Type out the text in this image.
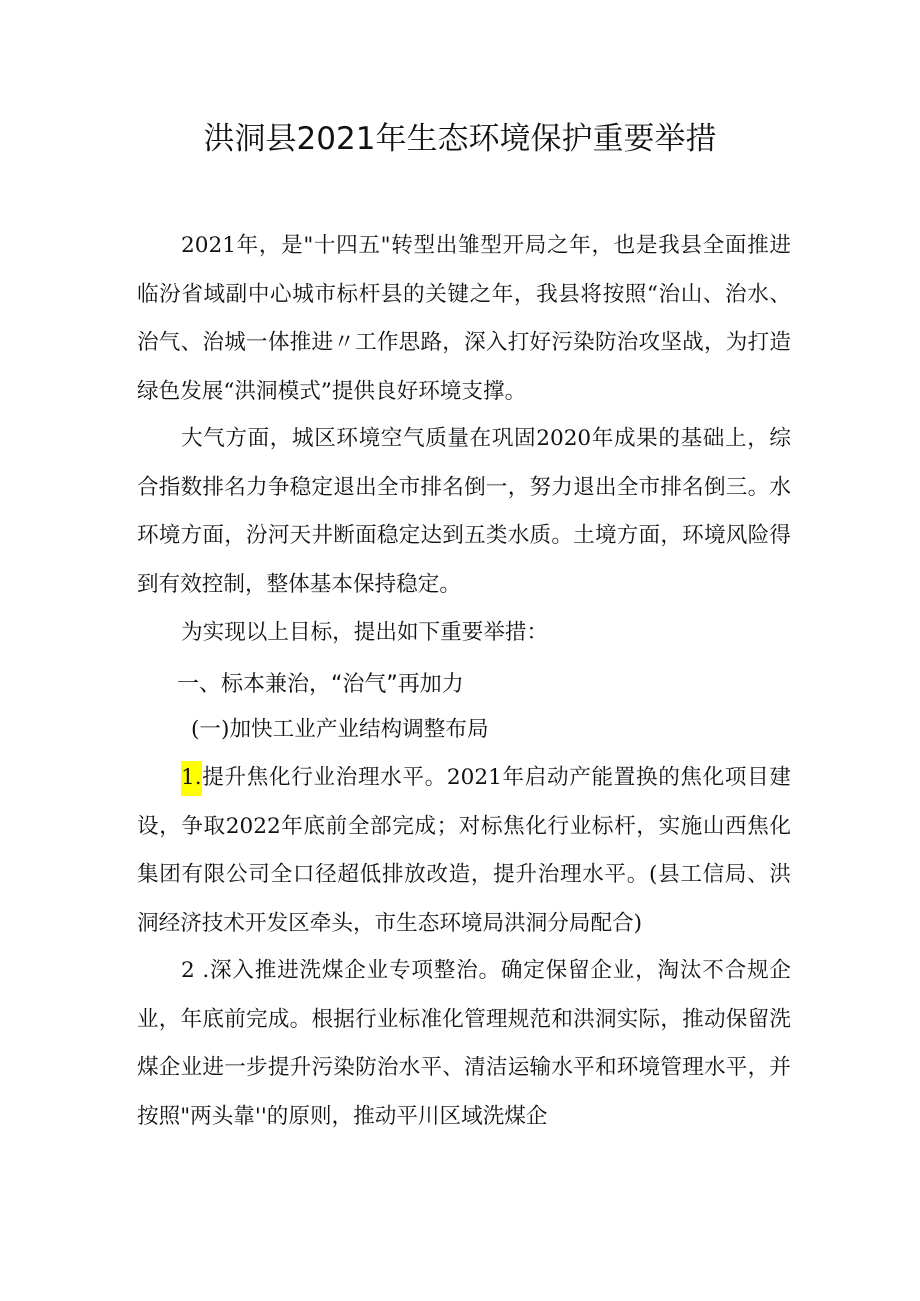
洪洞县2021年生态环境保护重要举措

2021年，是"十四五"转型出雏型开局之年，也是我县全面推进临汾省域副中心城市标杆县的关键之年，我县将按照“治山、治水、治气、治城一体推进〃工作思路，深入打好污染防治攻坚战，为打造绿色发展“洪洞模式”提供良好环境支撑。

大气方面，城区环境空气质量在巩固2020年成果的基础上，综合指数排名力争稳定退出全市排名倒一，努力退出全市排名倒三。水环境方面，汾河天井断面稳定达到五类水质。土境方面，环境风险得到有效控制，整体基本保持稳定。

为实现以上目标，提出如下重要举措：

一、标本兼治，“治气”再加力
(一)加快工业产业结构调整布局

1.提升焦化行业治理水平。2021年启动产能置换的焦化项目建设，争取2022年底前全部完成；对标焦化行业标杆，实施山西焦化集团有限公司全口径超低排放改造，提升治理水平。(县工信局、洪洞经济技术开发区牵头，市生态环境局洪洞分局配合)

2 .深入推进洗煤企业专项整治。确定保留企业，淘汰不合规企业，年底前完成。根据行业标准化管理规范和洪洞实际，推动保留洗煤企业进一步提升污染防治水平、清洁运输水平和环境管理水平，并按照"两头靠''的原则，推动平川区域洗煤企
